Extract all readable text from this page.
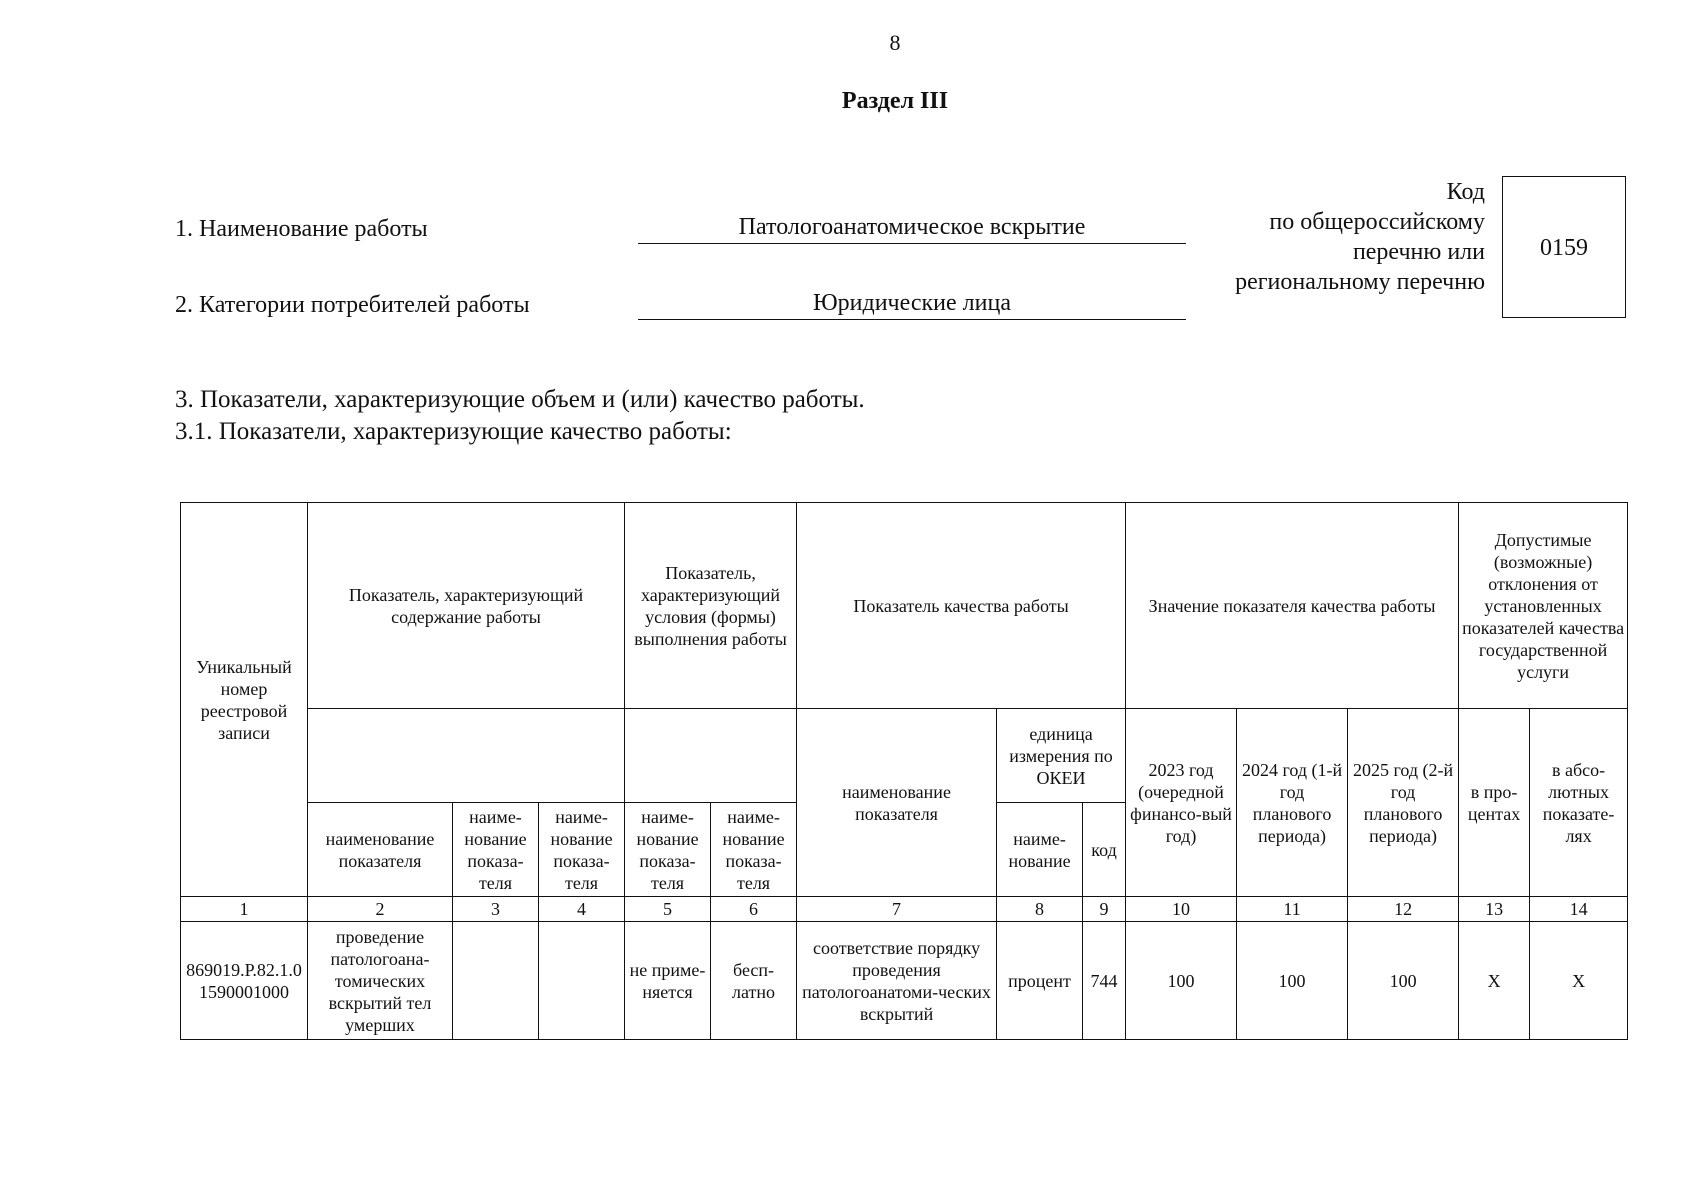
8
Раздел III
1. Наименование работы	Патологоанатомическое вскрытие
2. Категории потребителей работы	Юридические лица
Код
по общероссийскому
перечню или
региональному перечню
0159
3. Показатели, характеризующие объем и (или) качество работы.
3.1. Показатели, характеризующие качество работы:
Уникальный номер реестровой записи	Показатель, характеризующий содержание работы			Показатель, характеризующий условия (формы) выполнения работы		Показатель качества работы			Значение показателя качества работы			Допустимые (возможные) отклонения от установленных показателей качества государственной услуги	
						наименование показателя	единица измерения по ОКЕИ		2023 год (очередной финансо-вый год)	2024 год (1-й год планового периода)	2025 год (2-й год планового периода)	в про-центах	в абсо-лютных показате-лях
	наименование показателя	наиме-нование показа-теля	наиме-нование показа-теля	наиме-нование показа-теля	наиме-нование показа-теля		наиме-нование	код					
1	2	3	4	5	6	7	8	9	10	11	12	13	14
869019.Р.82.1.01590001000	проведение патологоана-томических вскрытий тел умерших			не приме-няется	бесп-латно	соответствие порядку проведения патологоанатоми-ческих вскрытий	процент	744	100	100	100	Х	Х
